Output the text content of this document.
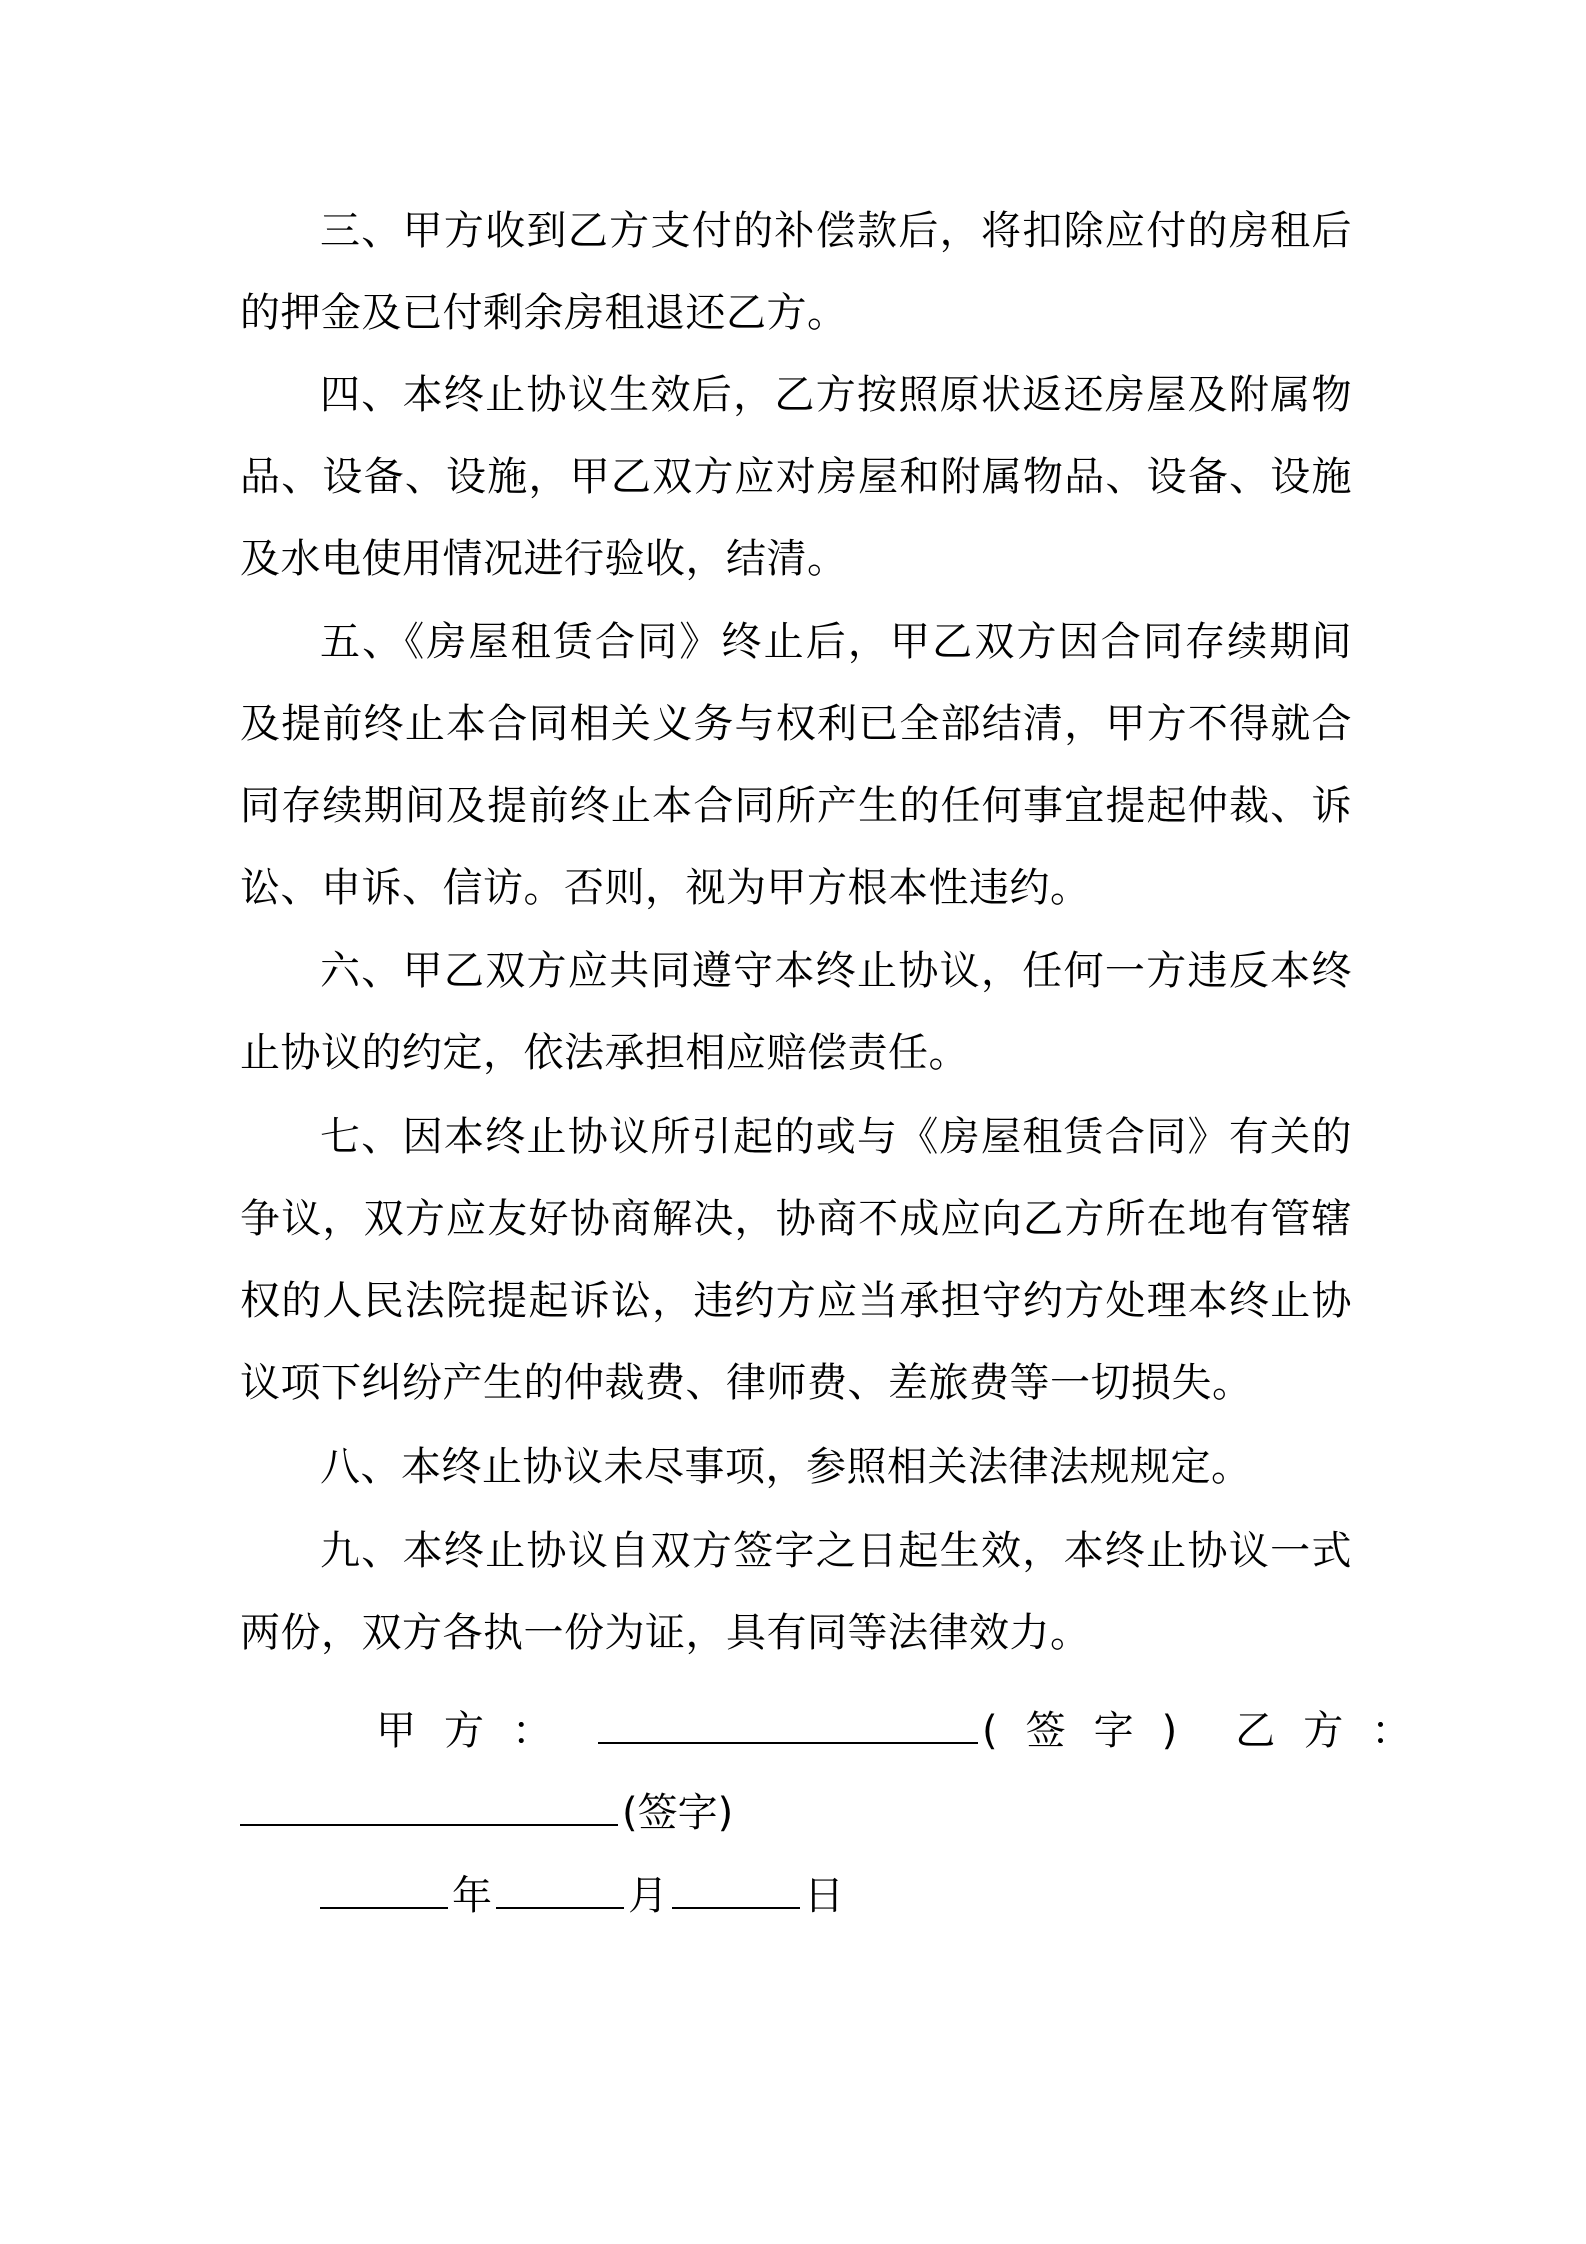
三、甲方收到乙方支付的补偿款后，将扣除应付的房租后的押金及已付剩余房租退还乙方。

四、本终止协议生效后，乙方按照原状返还房屋及附属物品、设备、设施，甲乙双方应对房屋和附属物品、设备、设施及水电使用情况进行验收，结清。

五、《房屋租赁合同》终止后，甲乙双方因合同存续期间及提前终止本合同相关义务与权利已全部结清，甲方不得就合同存续期间及提前终止本合同所产生的任何事宜提起仲裁、诉讼、申诉、信访。否则，视为甲方根本性违约。

六、甲乙双方应共同遵守本终止协议，任何一方违反本终止协议的约定，依法承担相应赔偿责任。

七、因本终止协议所引起的或与《房屋租赁合同》有关的争议，双方应友好协商解决，协商不成应向乙方所在地有管辖权的人民法院提起诉讼，违约方应当承担守约方处理本终止协议项下纠纷产生的仲裁费、律师费、差旅费等一切损失。

八、本终止协议未尽事项，参照相关法律法规规定。

九、本终止协议自双方签字之日起生效，本终止协议一式两份，双方各执一份为证，具有同等法律效力。

甲方：	(签字) 乙方：
(签字)
年	月	日
